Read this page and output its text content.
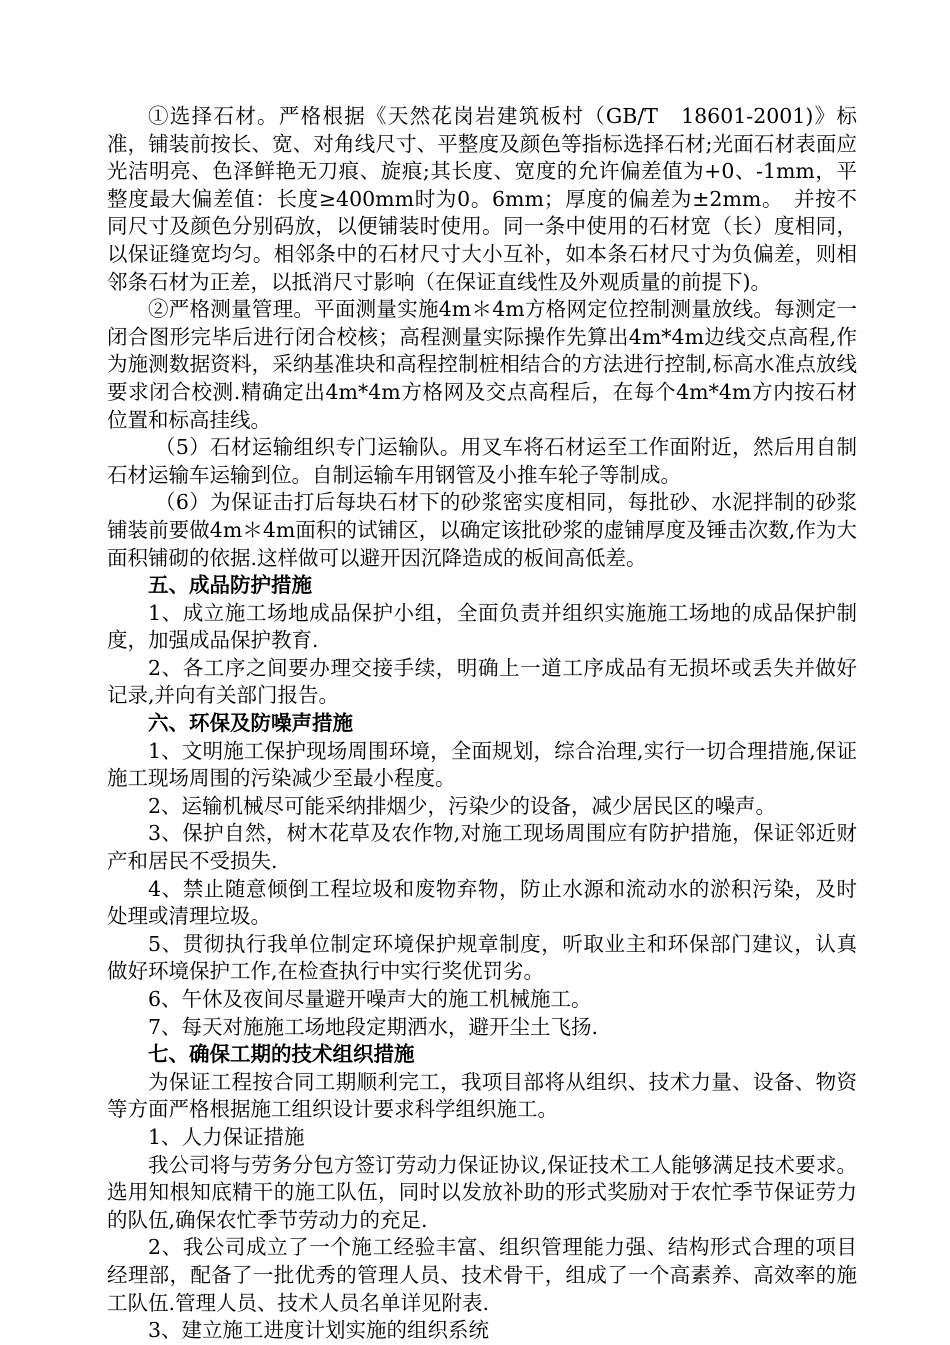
①选择石材。严格根据《天然花岗岩建筑板村（GB/T　18601-2001)》标准，铺装前按长、宽、对角线尺寸、平整度及颜色等指标选择石材;光面石材表面应光洁明亮、色泽鲜艳无刀痕、旋痕;其长度、宽度的允许偏差值为+0、-1mm，平整度最大偏差值：长度≥400mm时为0。6mm；厚度的偏差为±2mm。　并按不同尺寸及颜色分别码放，以便铺装时使用。同一条中使用的石材宽（长）度相同，以保证缝宽均匀。相邻条中的石材尺寸大小互补，如本条石材尺寸为负偏差，则相邻条石材为正差，以抵消尺寸影响（在保证直线性及外观质量的前提下)。

②严格测量管理。平面测量实施4m＊4m方格网定位控制测量放线。每测定一闭合图形完毕后进行闭合校核；高程测量实际操作先算出4m*4m边线交点高程,作为施测数据资料，采纳基准块和高程控制桩相结合的方法进行控制,标高水准点放线要求闭合校测.精确定出4m*4m方格网及交点高程后，在每个4m*4m方内按石材位置和标高挂线。

（5）石材运输组织专门运输队。用叉车将石材运至工作面附近，然后用自制石材运输车运输到位。自制运输车用钢管及小推车轮子等制成。

（6）为保证击打后每块石材下的砂浆密实度相同，每批砂、水泥拌制的砂浆铺装前要做4m＊4m面积的试铺区，以确定该批砂浆的虚铺厚度及锤击次数,作为大面积铺砌的依据.这样做可以避开因沉降造成的板间高低差。

五、成品防护措施

1、成立施工场地成品保护小组，全面负责并组织实施施工场地的成品保护制度，加强成品保护教育.

2、各工序之间要办理交接手续，明确上一道工序成品有无损坏或丢失并做好记录,并向有关部门报告。

六、环保及防噪声措施

1、文明施工保护现场周围环境，全面规划，综合治理,实行一切合理措施,保证施工现场周围的污染减少至最小程度。

2、运输机械尽可能采纳排烟少，污染少的设备，减少居民区的噪声。

3、保护自然，树木花草及农作物,对施工现场周围应有防护措施，保证邻近财产和居民不受损失.

4、禁止随意倾倒工程垃圾和废物弃物，防止水源和流动水的淤积污染，及时处理或清理垃圾。

5、贯彻执行我单位制定环境保护规章制度，听取业主和环保部门建议，认真做好环境保护工作,在检查执行中实行奖优罚劣。

6、午休及夜间尽量避开噪声大的施工机械施工。

7、每天对施施工场地段定期洒水，避开尘土飞扬.

七、确保工期的技术组织措施

为保证工程按合同工期顺利完工，我项目部将从组织、技术力量、设备、物资等方面严格根据施工组织设计要求科学组织施工。

1、人力保证措施

我公司将与劳务分包方签订劳动力保证协议,保证技术工人能够满足技术要求。选用知根知底精干的施工队伍，同时以发放补助的形式奖励对于农忙季节保证劳力的队伍,确保农忙季节劳动力的充足.

2、我公司成立了一个施工经验丰富、组织管理能力强、结构形式合理的项目经理部，配备了一批优秀的管理人员、技术骨干，组成了一个高素养、高效率的施工队伍.管理人员、技术人员名单详见附表.

3、建立施工进度计划实施的组织系统
